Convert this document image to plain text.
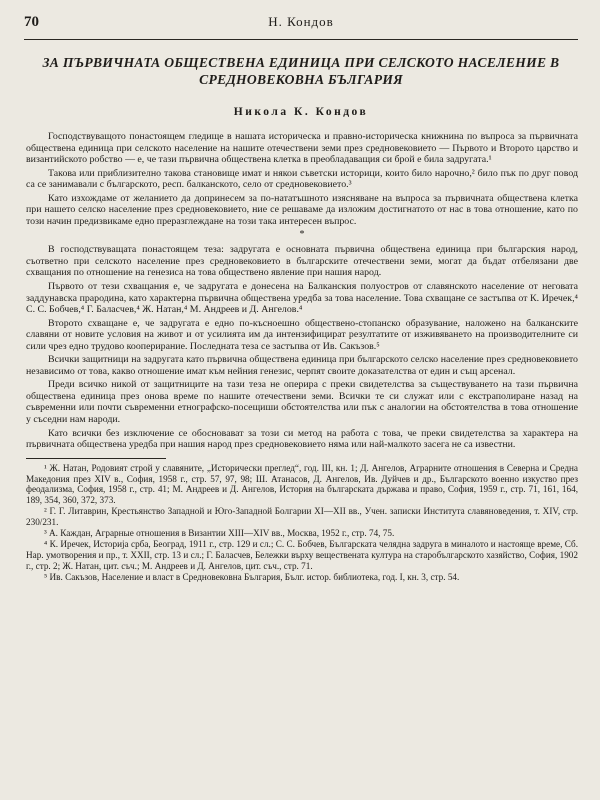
70	Н. Кондов
ЗА ПЪРВИЧНАТА ОБЩЕСТВЕНА ЕДИНИЦА ПРИ СЕЛСКОТО НАСЕЛЕНИЕ В СРЕДНОВЕКОВНА БЪЛГАРИЯ
Никола К. Кондов

Господствуващото понастоящем гледище в нашата историческа и правно-историческа книжнина по въпроса за първичната обществена единица при селското население на нашите отечествени земи през средновековието — Първото и Второто царство и византийското робство — е, че тази първична обществена клетка в преобладаващия си брой е била задругата.¹

Такова или приблизително такова становище имат и някои съветски историци, които било нарочно,² било пък по друг повод са се занимавали с българското, респ. балканското, село от средновековието.³

Като изхождаме от желанието да допринесем за по-нататъшното изясняване на въпроса за първичната обществена клетка при нашето селско население през средновековието, ние се решаваме да изложим достигнатото от нас в това отношение, като по този начин предизвикаме едно преразглеждане на този така интересен въпрос.

*

В господствуващата понастоящем теза: задругата е основната първична обществена единица при българския народ, съответно при селското население през средновековието в българските отечествени земи, могат да бъдат отбелязани две схващания по отношение на генезиса на това обществено явление при нашия народ.

Първото от тези схващания е, че задругата е донесена на Балканския полуостров от славянското население от неговата заддунавска прародина, като характерна първична обществена уредба за това население. Това схващане се застъпва от К. Иречек,⁴ С. С. Бобчев,⁴ Г. Баласчев,⁴ Ж. Натан,⁴ М. Андреев и Д. Ангелов.⁴

Второто схващане е, че задругата е едно по-късноешно обществено-стопанско образувание, наложено на балканските славяни от новите условия на живот и от усилията им да интензифицират резултатите от изживяването на производителните си сили чрез едно трудово кооперирание. Последната теза се застъпва от Ив. Сакъзов.⁵

Всички защитници на задругата като първична обществена единица при българското селско население през средновековието независимо от това, какво отношение имат към нейния генезис, черпят своите доказателства от един и същ арсенал.

Преди всичко никой от защитниците на тази теза не оперира с преки свидетелства за съществуването на тази първична обществена единица през онова време по нашите отечествени земи. Всички те си служат или с екстраполиране назад на съвременни или почти съвременни етнографско-посещиши обстоятелства или пък с аналогии на обстоятелства в това отношение у съседни нам народи.

Като всички без изключение се обосновават за този си метод на работа с това, че преки свидетелства за характера на първичната обществена уредба при нашия народ през средновековието няма или най-малкото засега не са известни.

¹ Ж. Натан, Родовият строй у славяните, „Исторически преглед“, год. III, кн. 1; Д. Ангелов, Аграрните отношения в Северна и Средна Македония през XIV в., София, 1958 г., стр. 57, 97, 98; Ш. Атанасов, Д. Ангелов, Ив. Дуйчев и др., Българското военно изкуство през феодализма, София, 1958 г., стр. 41; М. Андреев и Д. Ангелов, История на българската държава и право, София, 1959 г., стр. 71, 161, 164, 189, 354, 360, 372, 373.

² Г. Г. Литаврин, Крестьянство Западной и Юго-Западной Болгарии XI—XII вв., Учен. записки Института славяноведения, т. XIV, стр. 230/231.

³ А. Каждан, Аграрные отношения в Византии XIII—XIV вв., Москва, 1952 г., стр. 74, 75.

⁴ К. Иречек, Историја срба, Београд, 1911 г., стр. 129 и сл.; С. С. Бобчев, Българската челядна задруга в миналото и настояще време, Сб. Нар. умотворения и пр., т. XXII, стр. 13 и сл.; Г. Баласчев, Бележки върху веществената култура на старобългарското хазяйство, София, 1902 г., стр. 2; Ж. Натан, цит. съч.; М. Андреев и Д. Ангелов, цит. съч., стр. 71.

⁵ Ив. Сакъзов, Население и власт в Средновековна България, Бълг. истор. библиотека, год. I, кн. 3, стр. 54.
